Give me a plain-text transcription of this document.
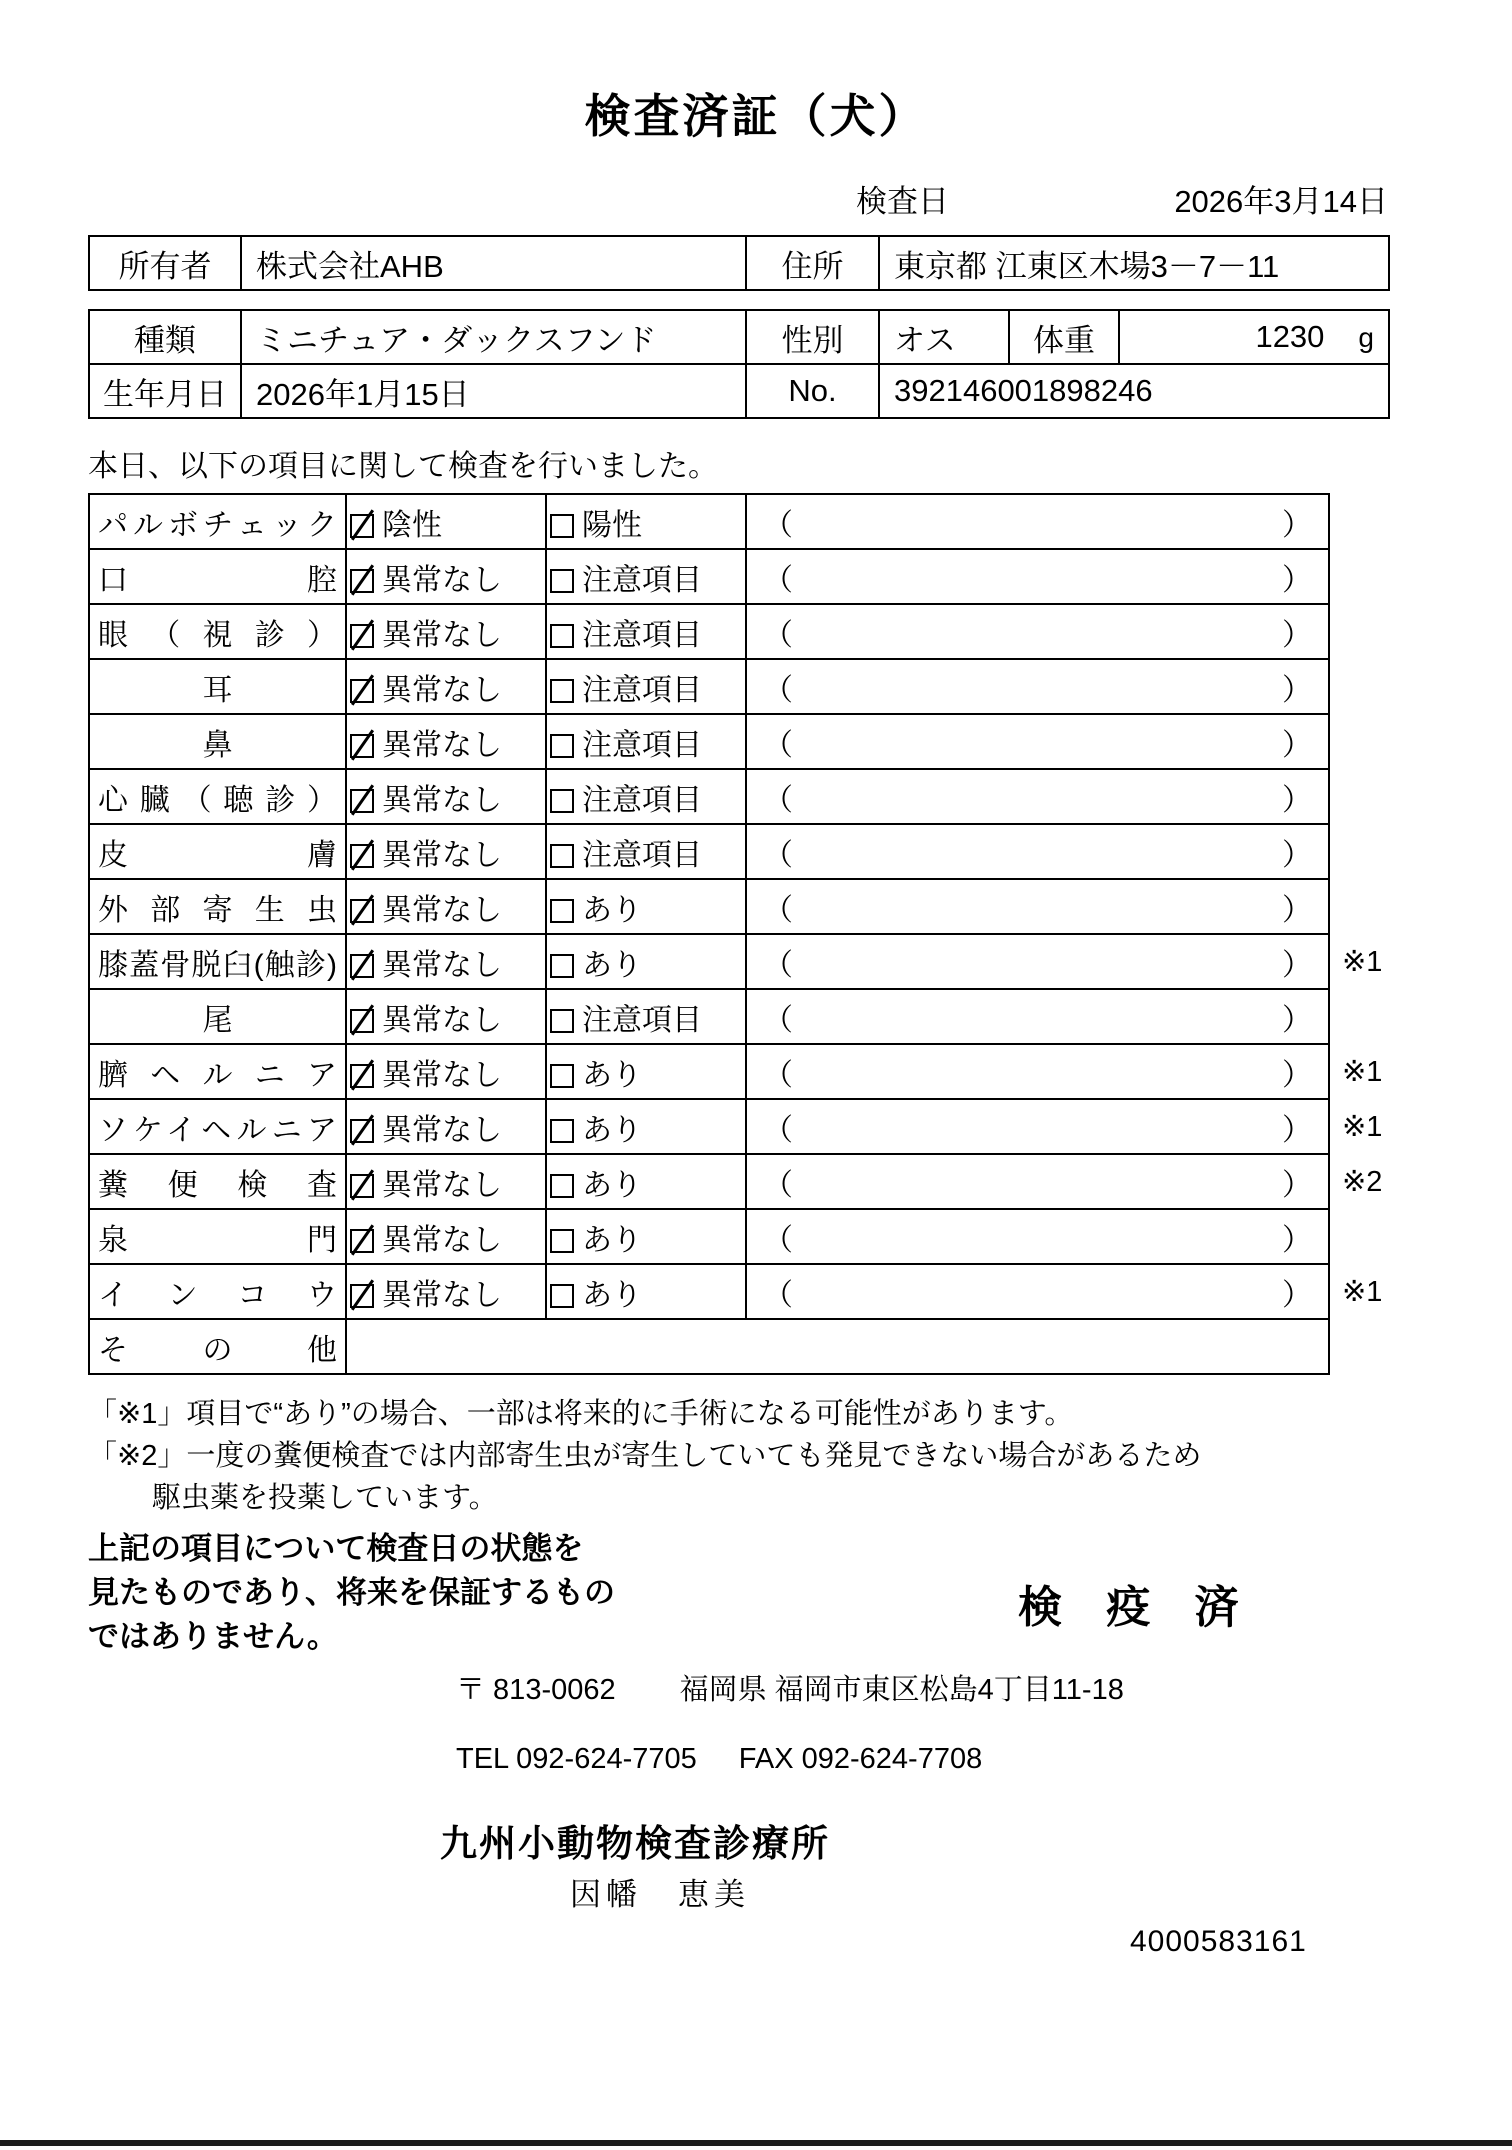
検査済証（犬）
検査日	2026年3月14日
所有者	株式会社AHB	住所	東京都 江東区木場3－7－11
種類	ミニチュア・ダックスフンド	性別	オス	体重	1230 g
生年月日	2026年1月15日	No.	392146001898246		
本日、以下の項目に関して検査を行いました。
パルボチェック	陰性	陽性	（ ）	

口腔	異常なし	注意項目	（ ）	

眼（視診）	異常なし	注意項目	（ ）	

耳	異常なし	注意項目	（ ）	

鼻	異常なし	注意項目	（ ）	

心臓（聴診）	異常なし	注意項目	（ ）	

皮膚	異常なし	注意項目	（ ）	

外部寄生虫	異常なし	あり	（ ）	

膝蓋骨脱臼(触診)	異常なし	あり	（ ）	※1
尾	異常なし	注意項目	（ ）	

臍ヘルニア	異常なし	あり	（ ）	※1
ソケイヘルニア	異常なし	あり	（ ）	※1
糞便検査	異常なし	あり	（ ）	※2
泉門	異常なし	あり	（ ）	

インコウ	異常なし	あり	（ ）	※1
その他				
「※1」項目で“あり”の場合、一部は将来的に手術になる可能性があります。
「※2」一度の糞便検査では内部寄生虫が寄生していても発見できない場合があるため
駆虫薬を投薬しています。
上記の項目について検査日の状態を
見たものであり、将来を保証するもの
ではありません。
検 疫 済
〒 813-0062 福岡県 福岡市東区松島4丁目11-18
TEL 092-624-7705 FAX 092-624-7708
九州小動物検査診療所
因幡　恵美
4000583161
